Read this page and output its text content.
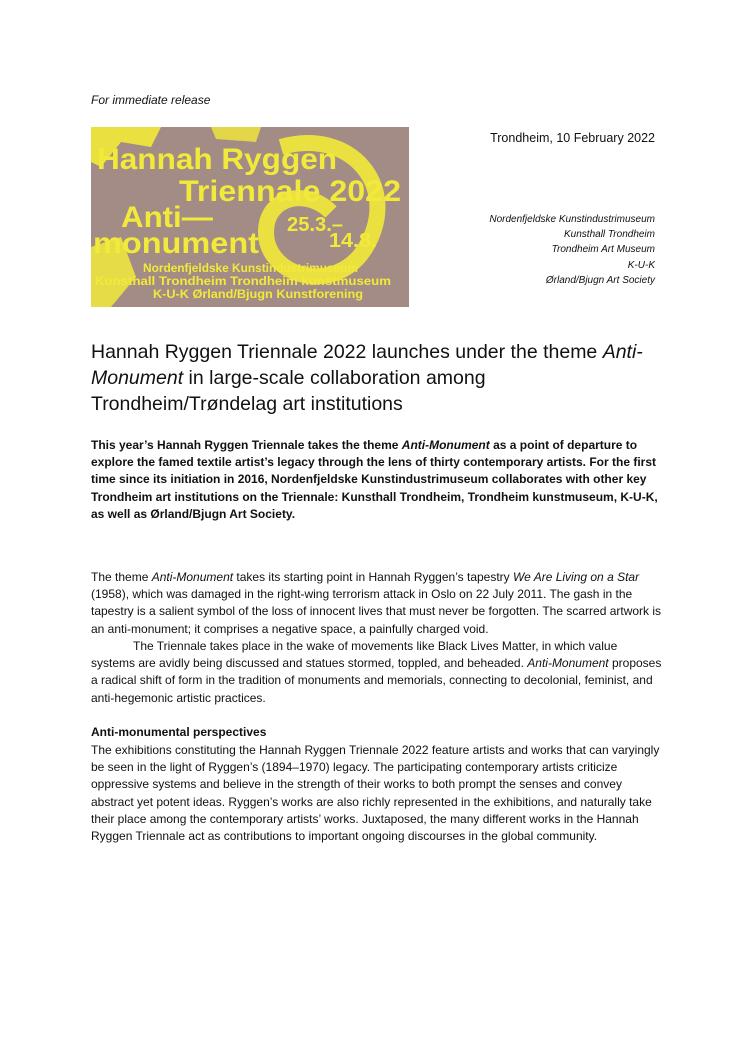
For immediate release
Hannah Ryggen
Triennale 2022
Anti—
monument
25.3.–
14.8.
Nordenfjeldske Kunstindustrimuseum
Kunsthall Trondheim Trondheim kunstmuseum
K-U-K Ørland/Bjugn Kunstforening
Trondheim, 10 February 2022
Nordenfjeldske Kunstindustrimuseum
Kunsthall Trondheim
Trondheim Art Museum
K-U-K
Ørland/Bjugn Art Society
Hannah Ryggen Triennale 2022 launches under the theme Anti-Monument in large-scale collaboration among Trondheim/Trøndelag art institutions
This year’s Hannah Ryggen Triennale takes the theme Anti-Monument as a point of departure to explore the famed textile artist’s legacy through the lens of thirty contemporary artists. For the first time since its initiation in 2016, Nordenfjeldske Kunstindustrimuseum collaborates with other key Trondheim art institutions on the Triennale: Kunsthall Trondheim, Trondheim kunstmuseum, K-U-K, as well as Ørland/Bjugn Art Society.
The theme Anti-Monument takes its starting point in Hannah Ryggen’s tapestry We Are Living on a Star (1958), which was damaged in the right-wing terrorism attack in Oslo on 22 July 2011. The gash in the tapestry is a salient symbol of the loss of innocent lives that must never be forgotten. The scarred artwork is an anti-monument; it comprises a negative space, a painfully charged void.
The Triennale takes place in the wake of movements like Black Lives Matter, in which value systems are avidly being discussed and statues stormed, toppled, and beheaded. Anti-Monument proposes a radical shift of form in the tradition of monuments and memorials, connecting to decolonial, feminist, and anti-hegemonic artistic practices.
Anti-monumental perspectives
The exhibitions constituting the Hannah Ryggen Triennale 2022 feature artists and works that can varyingly be seen in the light of Ryggen’s (1894–1970) legacy. The participating contemporary artists criticize oppressive systems and believe in the strength of their works to both prompt the senses and convey abstract yet potent ideas. Ryggen’s works are also richly represented in the exhibitions, and naturally take their place among the contemporary artists’ works. Juxtaposed, the many different works in the Hannah Ryggen Triennale act as contributions to important ongoing discourses in the global community.
